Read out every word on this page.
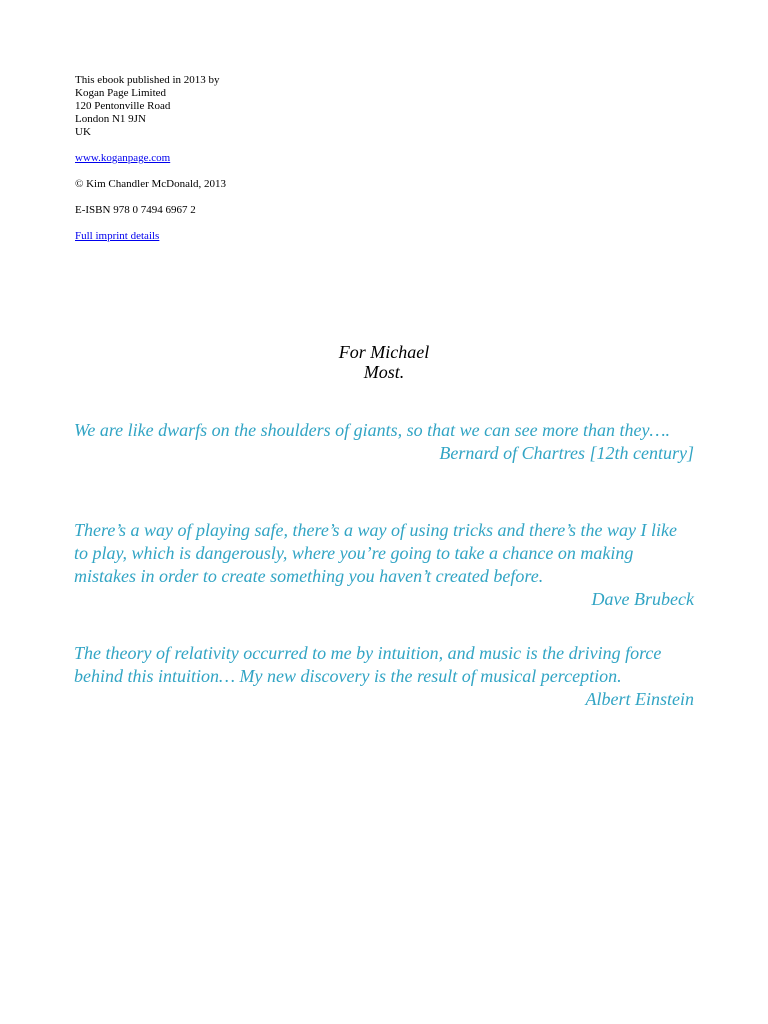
This ebook published in 2013 by
Kogan Page Limited
120 Pentonville Road
London N1 9JN
UK
www.koganpage.com
© Kim Chandler McDonald, 2013
E-ISBN 978 0 7494 6967 2
Full imprint details
For Michael
Most.
We are like dwarfs on the shoulders of giants, so that we can see more than they….
Bernard of Chartres [12th century]
There’s a way of playing safe, there’s a way of using tricks and there’s the way I like to play, which is dangerously, where you’re going to take a chance on making mistakes in order to create something you haven’t created before.
Dave Brubeck
The theory of relativity occurred to me by intuition, and music is the driving force behind this intuition… My new discovery is the result of musical perception.
Albert Einstein
